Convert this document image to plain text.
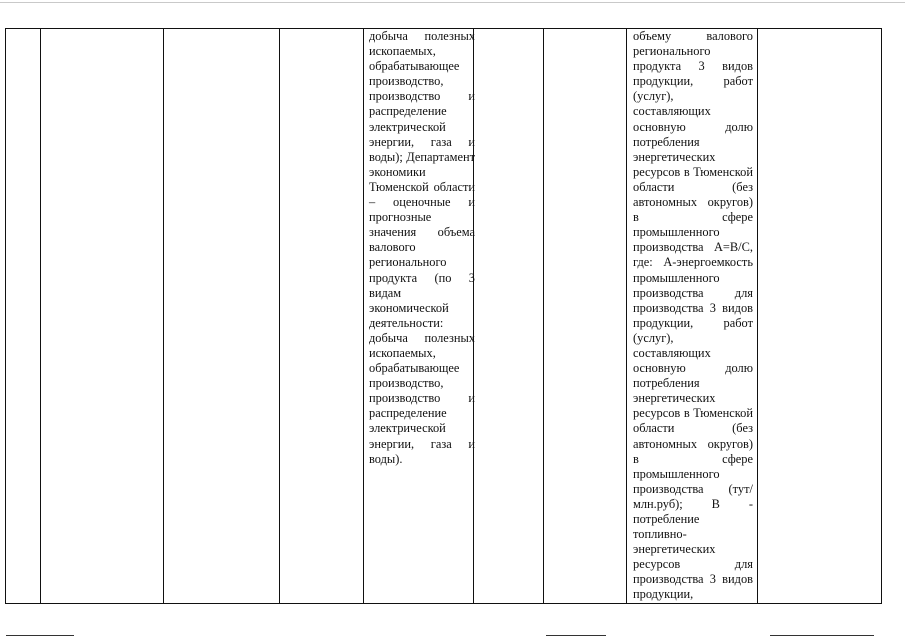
добыча полезных ископаемых, обрабатывающее производство, производство и распределение электрической энергии, газа и воды); Департамент экономики Тюменской области – оценочные и прогнозные значения объема валового регионального продукта (по 3 видам экономической деятельности: добыча полезных ископаемых, обрабатывающее производство, производство и распределение электрической энергии, газа и воды).
объему валового регионального продукта 3 видов продукции, работ (услуг), составляющих основную долю потребления энергетических ресурсов в Тюменской области (без автономных округов) в сфере промышленного производства А=В/С, где: А-энергоемкость промышленного производства для производства 3 видов продукции, работ (услуг), составляющих основную долю потребления энергетических ресурсов в Тюменской области (без автономных округов) в сфере промышленного производства (тут/млн.руб); В - потребление топливно-энергетических ресурсов для производства 3 видов продукции,
